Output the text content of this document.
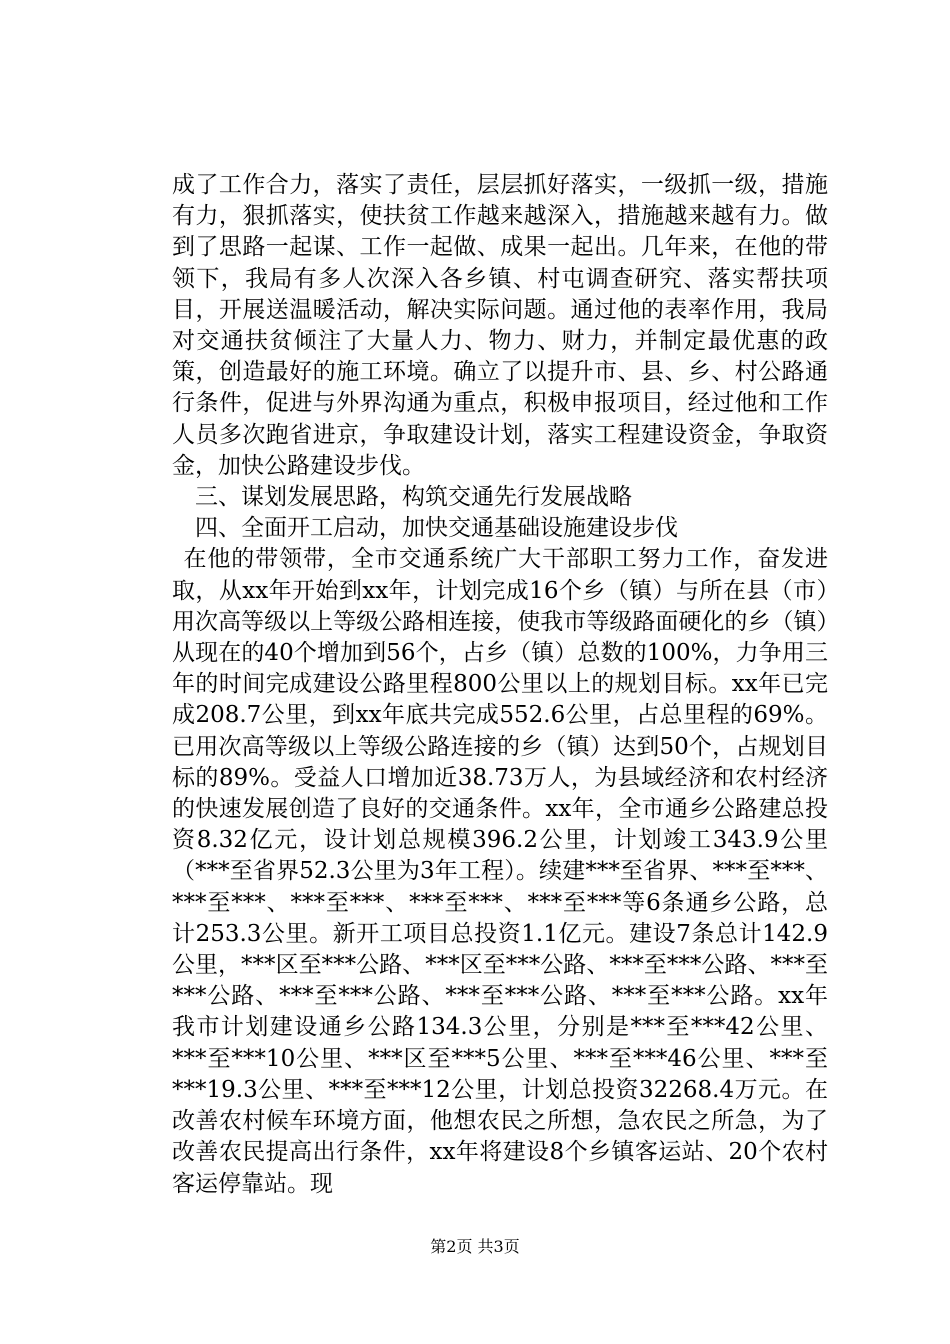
成了工作合力，落实了责任，层层抓好落实，一级抓一级，措施有力，狠抓落实，使扶贫工作越来越深入，措施越来越有力。做到了思路一起谋、工作一起做、成果一起出。几年来，在他的带领下，我局有多人次深入各乡镇、村屯调查研究、落实帮扶项目，开展送温暖活动，解决实际问题。通过他的表率作用，我局对交通扶贫倾注了大量人力、物力、财力，并制定最优惠的政策，创造最好的施工环境。确立了以提升市、县、乡、村公路通行条件，促进与外界沟通为重点，积极申报项目，经过他和工作人员多次跑省进京，争取建设计划，落实工程建设资金，争取资金，加快公路建设步伐。

三、谋划发展思路，构筑交通先行发展战略

四、全面开工启动，加快交通基础设施建设步伐

在他的带领带，全市交通系统广大干部职工努力工作，奋发进取，从xx年开始到xx年，计划完成16个乡（镇）与所在县（市）用次高等级以上等级公路相连接，使我市等级路面硬化的乡（镇）从现在的40个增加到56个，占乡（镇）总数的100%，力争用三年的时间完成建设公路里程800公里以上的规划目标。xx年已完成208.7公里，到xx年底共完成552.6公里，占总里程的69%。已用次高等级以上等级公路连接的乡（镇）达到50个，占规划目标的89%。受益人口增加近38.73万人，为县域经济和农村经济的快速发展创造了良好的交通条件。xx年，全市通乡公路建总投资8.32亿元，设计划总规模396.2公里，计划竣工343.9公里（***至省界52.3公里为3年工程）。续建***至省界、***至***、***至***、***至***、***至***、***至***等6条通乡公路，总计253.3公里。新开工项目总投资1.1亿元。建设7条总计142.9公里，***区至***公路、***区至***公路、***至***公路、***至***公路、***至***公路、***至***公路、***至***公路。xx年我市计划建设通乡公路134.3公里，分别是***至***42公里、***至***10公里、***区至***5公里、***至***46公里、***至***19.3公里、***至***12公里，计划总投资32268.4万元。在改善农村候车环境方面，他想农民之所想，急农民之所急，为了改善农民提高出行条件，xx年将建设8个乡镇客运站、20个农村客运停靠站。现

第2页 共3页
